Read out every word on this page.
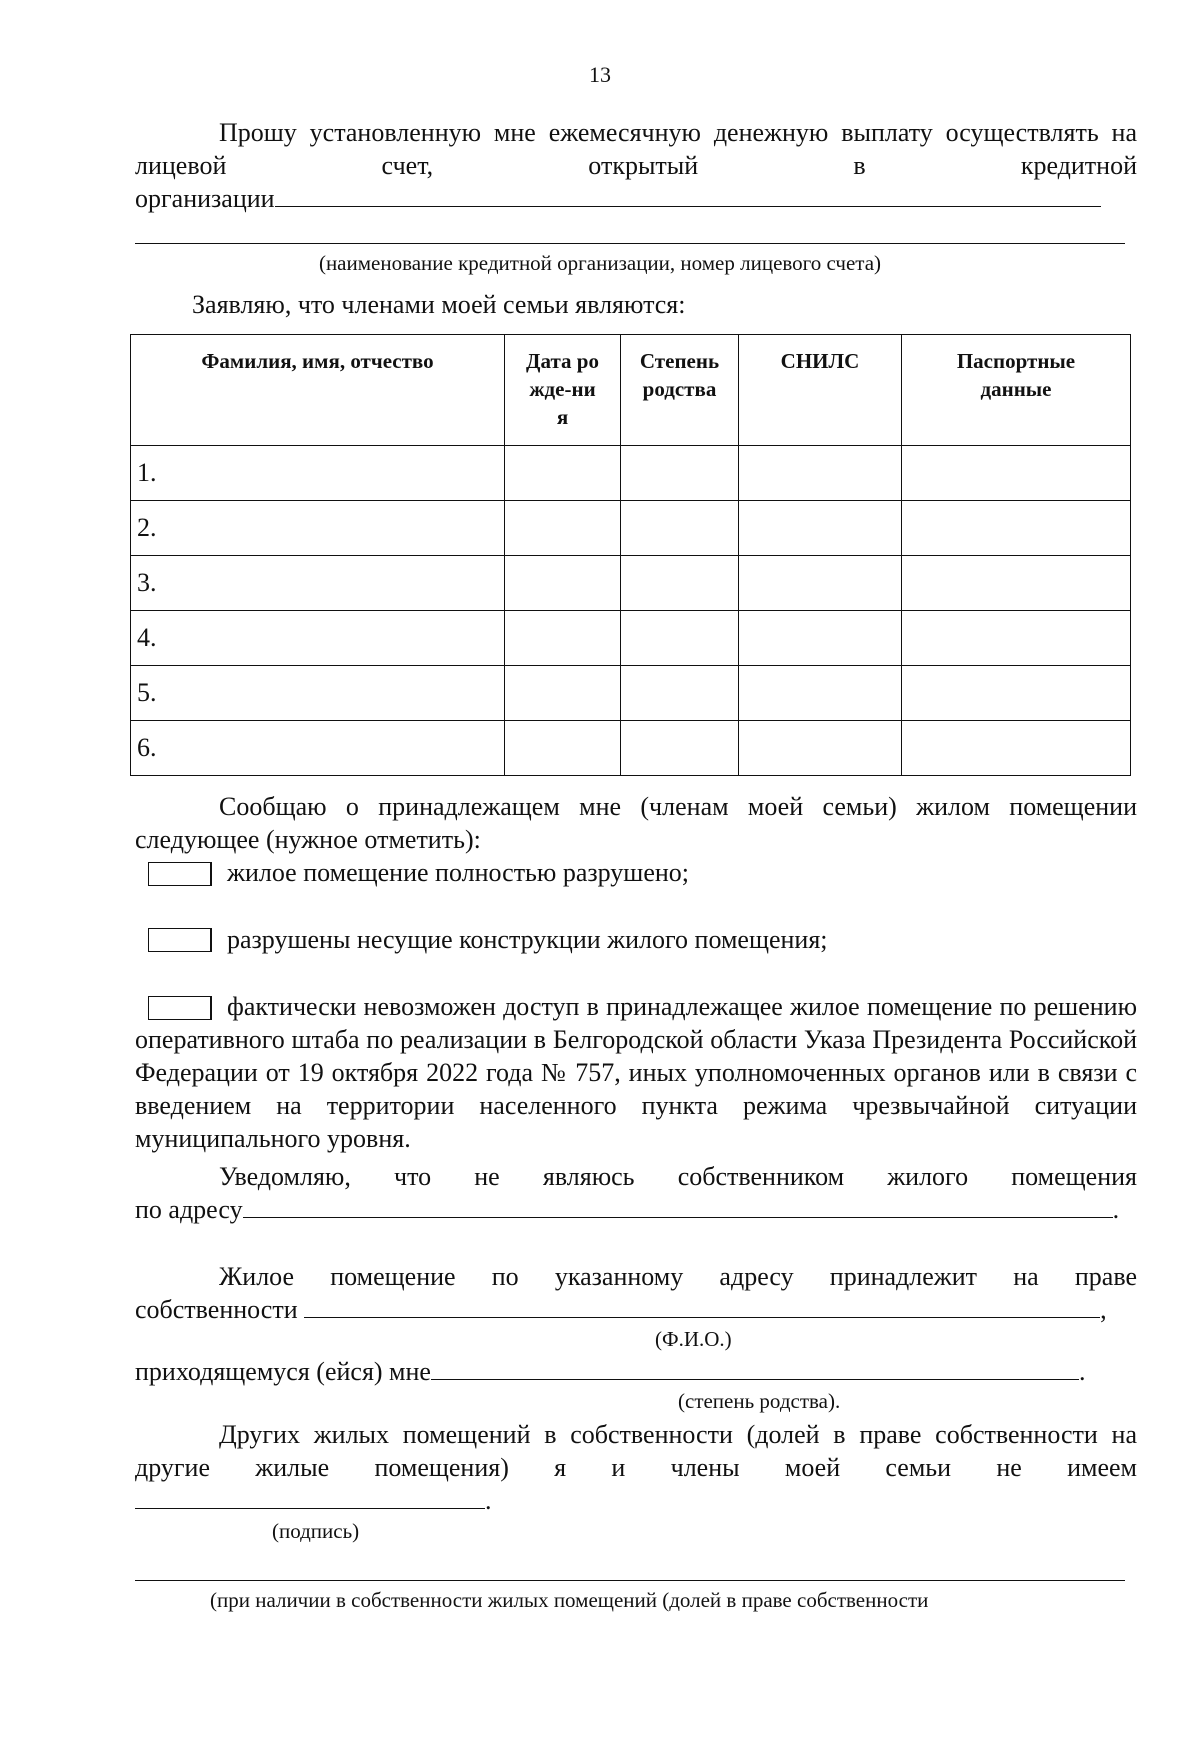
13
Прошу установленную мне ежемесячную денежную выплату осуществлять на лицевой счет, открытый в кредитной
организации
(наименование кредитной организации, номер лицевого счета)
Заявляю, что членами моей семьи являются:
Фамилия, имя, отчество	Дата рожде-ния	Степень родства	СНИЛС	Паспортные данные

1.				
2.				
3.				
4.				
5.				
6.				
Сообщаю о принадлежащем мне (членам моей семьи) жилом помещении следующее (нужное отметить):
жилое помещение полностью разрушено;
разрушены несущие конструкции жилого помещения;
фактически невозможен доступ в принадлежащее жилое помещение по решению оперативного штаба по реализации в Белгородской области Указа Президента Российской Федерации от 19 октября 2022 года № 757, иных уполномоченных органов или в связи с введением на территории населенного пункта режима чрезвычайной ситуации муниципального уровня.
Уведомляю, что не являюсь собственником жилого помещения
по адресу	.
Жилое помещение по указанному адресу принадлежит на праве
собственности	,
(Ф.И.О.)
приходящемуся (ейся) мне	.
(степень родства).
Других жилых помещений в собственности (долей в праве собственности на другие жилые помещения) я и члены моей семьи не имеем
.
(подпись)
(при наличии в собственности жилых помещений (долей в праве собственности
